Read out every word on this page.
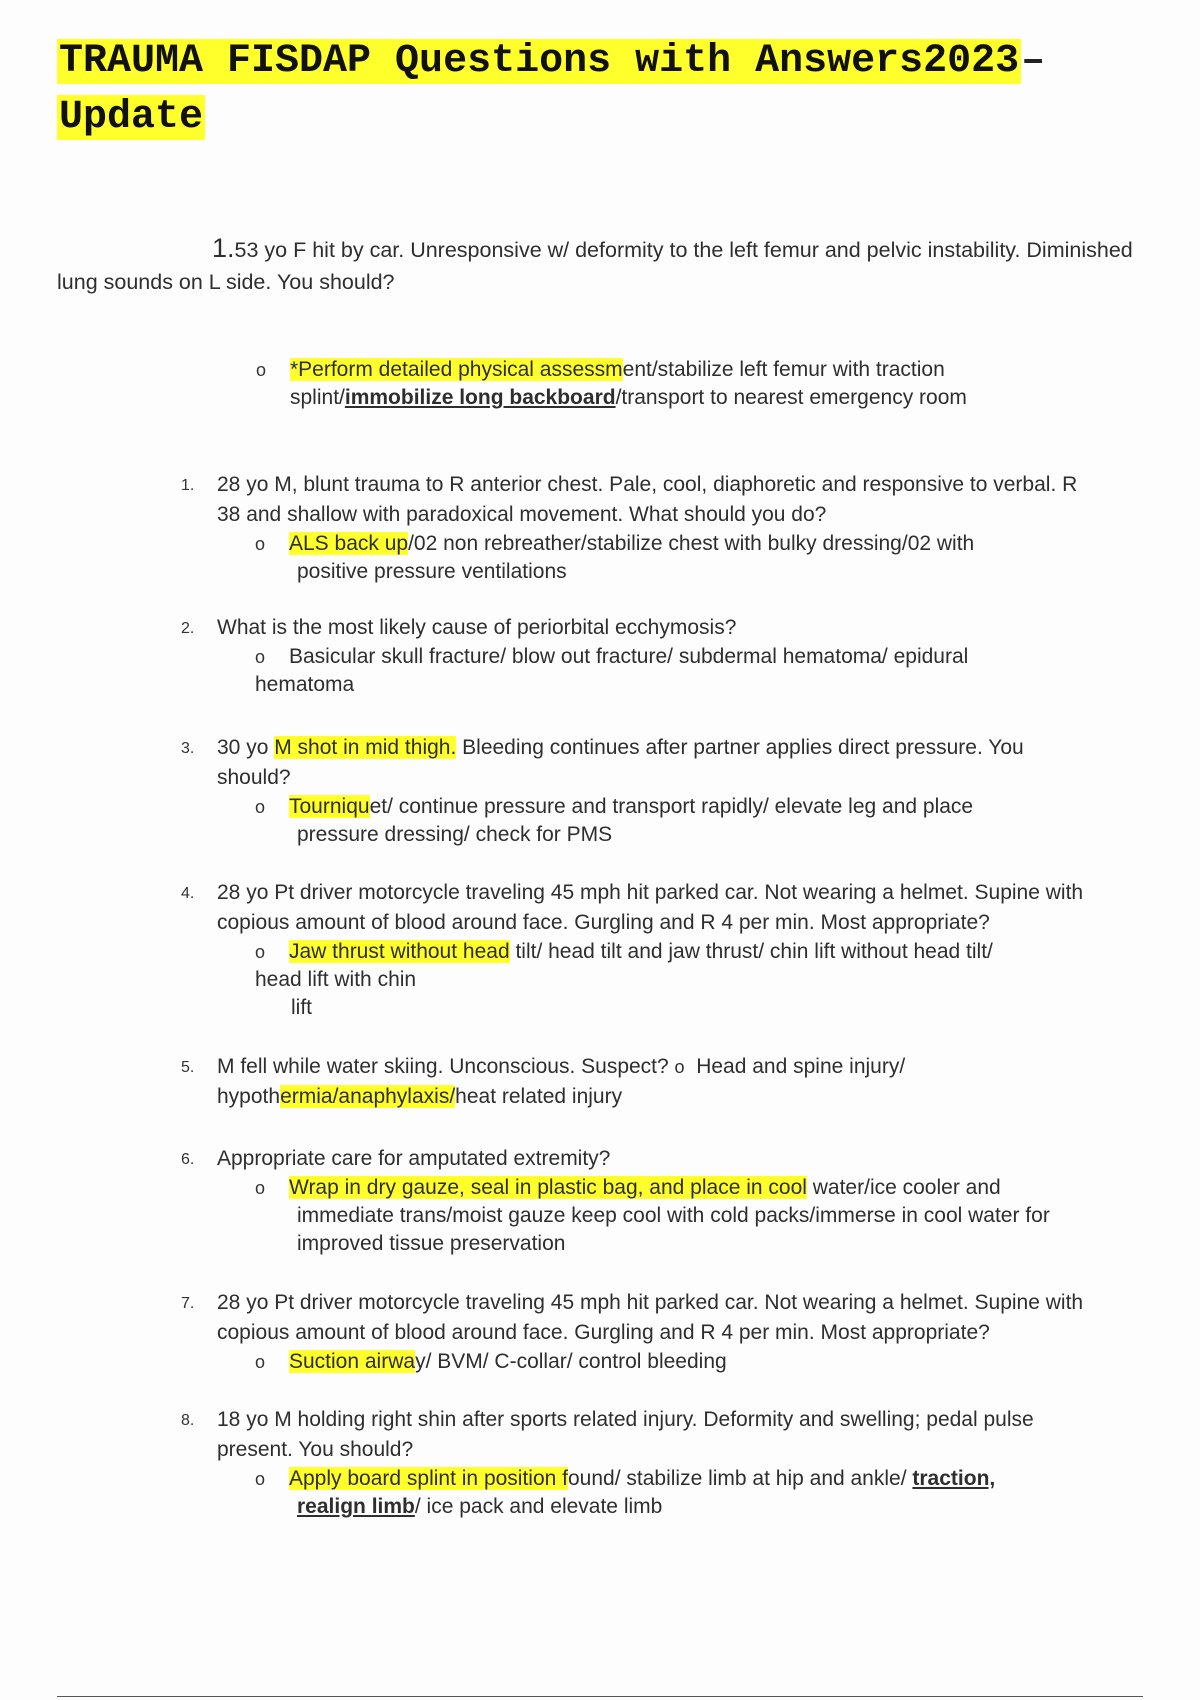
TRAUMA FISDAP Questions with Answers2023–
Update
1.53 yo F hit by car. Unresponsive w/ deformity to the left femur and pelvic instability. Diminished lung sounds on L side. You should?
o *Perform detailed physical assessment/stabilize left femur with traction splint/immobilize long backboard/transport to nearest emergency room
1. 28 yo M, blunt trauma to R anterior chest. Pale, cool, diaphoretic and responsive to verbal. R 38 and shallow with paradoxical movement. What should you do?
o ALS back up/02 non rebreather/stabilize chest with bulky dressing/02 with
positive pressure ventilations
2. What is the most likely cause of periorbital ecchymosis?
o Basicular skull fracture/ blow out fracture/ subdermal hematoma/ epidural
hematoma
3. 30 yo M shot in mid thigh. Bleeding continues after partner applies direct pressure. You should?
o Tourniquet/ continue pressure and transport rapidly/ elevate leg and place
pressure dressing/ check for PMS
4. 28 yo Pt driver motorcycle traveling 45 mph hit parked car. Not wearing a helmet. Supine with copious amount of blood around face. Gurgling and R 4 per min. Most appropriate?
o Jaw thrust without head tilt/ head tilt and jaw thrust/ chin lift without head tilt/
head lift with chin
lift
5. M fell while water skiing. Unconscious. Suspect? o  Head and spine injury/
hypothermia/anaphylaxis/heat related injury
6. Appropriate care for amputated extremity?
o Wrap in dry gauze, seal in plastic bag, and place in cool water/ice cooler and
immediate trans/moist gauze keep cool with cold packs/immerse in cool water for improved tissue preservation
7. 28 yo Pt driver motorcycle traveling 45 mph hit parked car. Not wearing a helmet. Supine with copious amount of blood around face. Gurgling and R 4 per min. Most appropriate?
o Suction airway/ BVM/ C-collar/ control bleeding
8. 18 yo M holding right shin after sports related injury. Deformity and swelling; pedal pulse present. You should?
o Apply board splint in position found/ stabilize limb at hip and ankle/ traction,
realign limb/ ice pack and elevate limb
